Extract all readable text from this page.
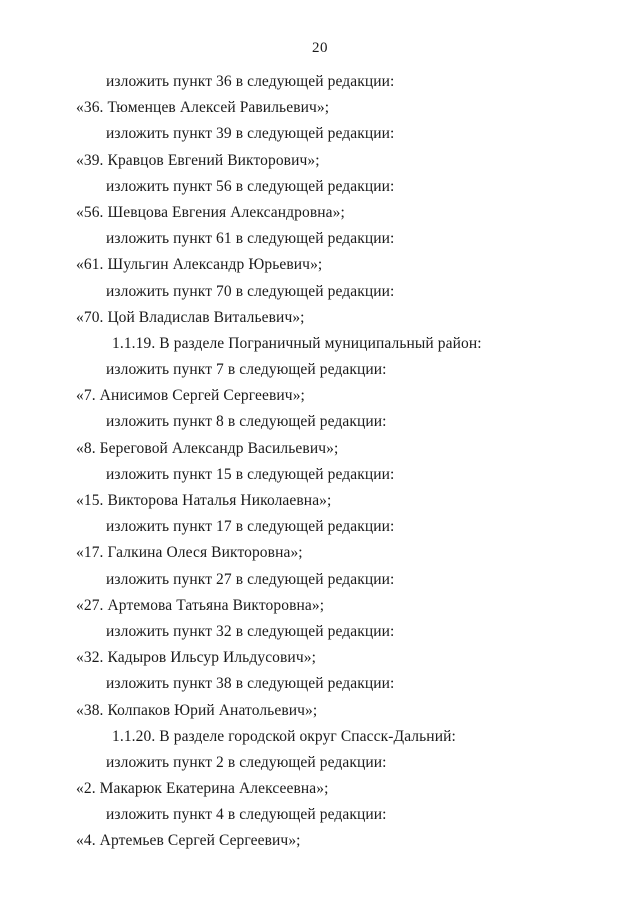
20
изложить пункт 36 в следующей редакции:
«36. Тюменцев Алексей Равильевич»;
изложить пункт 39 в следующей редакции:
«39. Кравцов Евгений Викторович»;
изложить пункт 56 в следующей редакции:
«56. Шевцова Евгения Александровна»;
изложить пункт 61 в следующей редакции:
«61. Шульгин Александр Юрьевич»;
изложить пункт 70 в следующей редакции:
«70. Цой Владислав Витальевич»;
1.1.19. В разделе Пограничный муниципальный район:
изложить пункт 7 в следующей редакции:
«7. Анисимов Сергей Сергеевич»;
изложить пункт 8 в следующей редакции:
«8. Береговой Александр Васильевич»;
изложить пункт 15 в следующей редакции:
«15. Викторова Наталья Николаевна»;
изложить пункт 17 в следующей редакции:
«17. Галкина Олеся Викторовна»;
изложить пункт 27 в следующей редакции:
«27. Артемова Татьяна Викторовна»;
изложить пункт 32 в следующей редакции:
«32. Кадыров Ильсур Ильдусович»;
изложить пункт 38 в следующей редакции:
«38. Колпаков Юрий Анатольевич»;
1.1.20. В разделе городской округ Спасск-Дальний:
изложить пункт 2 в следующей редакции:
«2. Макарюк Екатерина Алексеевна»;
изложить пункт 4 в следующей редакции:
«4. Артемьев Сергей Сергеевич»;
